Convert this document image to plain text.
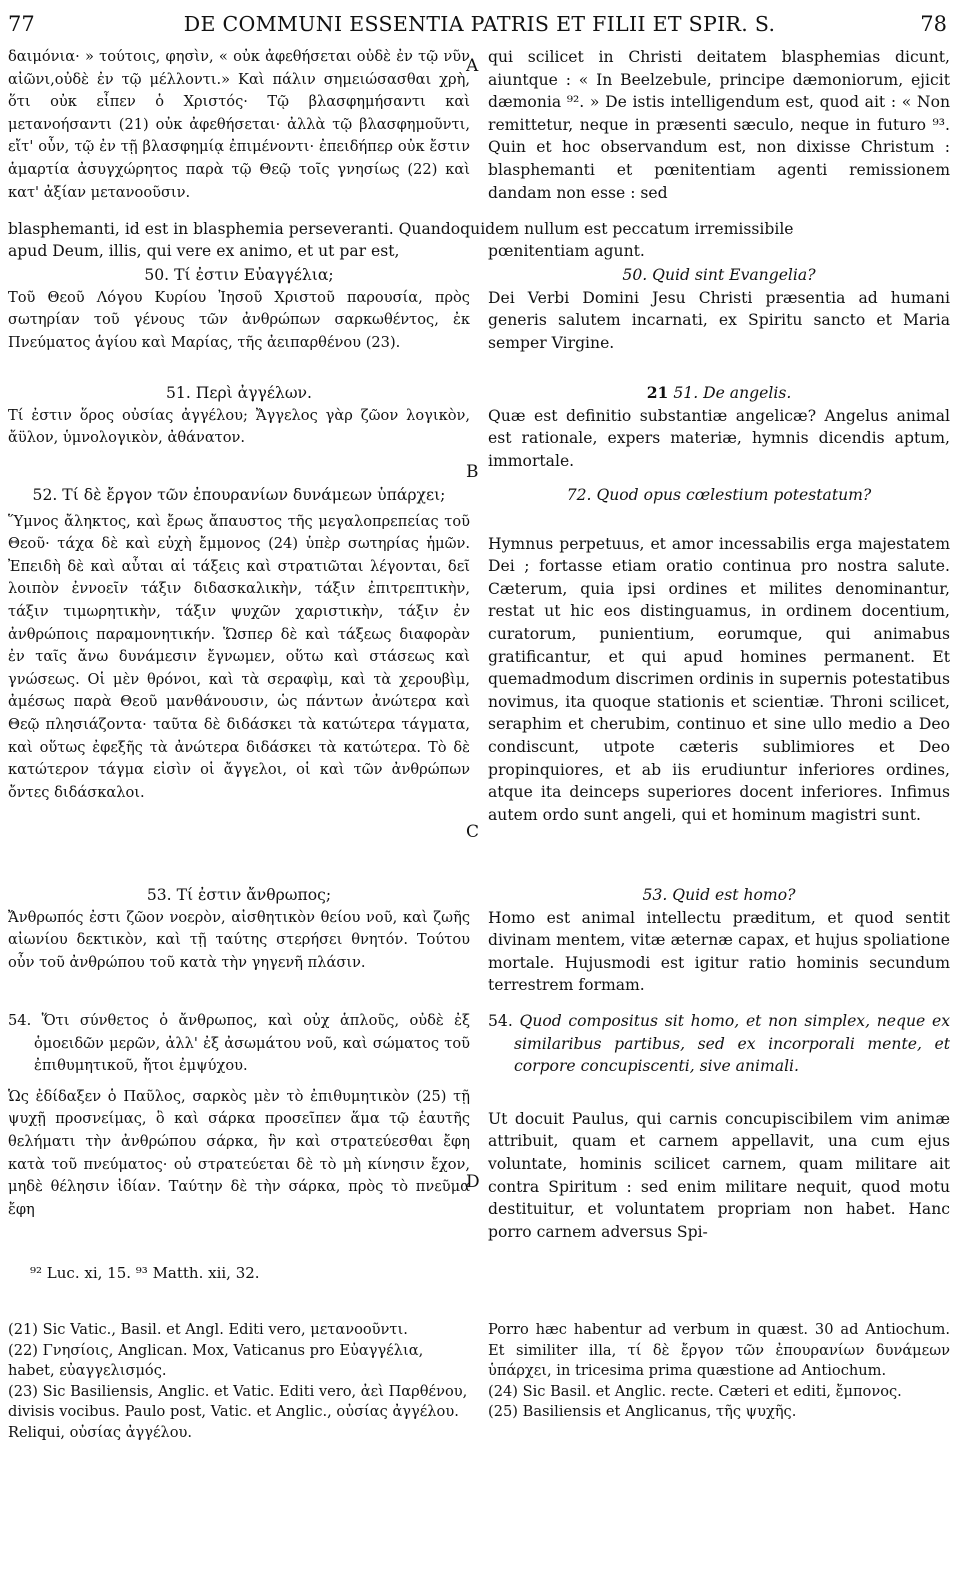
77	DE COMMUNI ESSENTIA PATRIS ET FILII ET SPIR. S.	78
A
B
C
D

δαιμόνια· » τούτοις, φησὶν, « οὐκ ἀφεθήσεται οὐδὲ ἐν τῷ νῦν αἰῶνι,οὐδὲ ἐν τῷ μέλλοντι.» Καὶ πάλιν σημειώσασθαι χρὴ, ὅτι οὐκ εἶπεν ὁ Χριστός· Τῷ βλασφημήσαντι καὶ μετανοήσαντι (21) οὐκ ἀφεθήσεται· ἀλλὰ τῷ βλασφημοῦντι, εἴτ' οὖν, τῷ ἐν τῇ βλασφημίᾳ ἐπιμένοντι· ἐπειδήπερ οὐκ ἔστιν ἁμαρτία ἀσυγχώρητος παρὰ τῷ Θεῷ τοῖς γνησίως (22) καὶ κατ' ἀξίαν μετανοοῦσιν.

qui scilicet in Christi deitatem blasphemias dicunt, aiuntque : « In Beelzebule, principe dæmoniorum, ejicit dæmonia ⁹². » De istis intelligendum est, quod ait : « Non remittetur, neque in præsenti sæculo, neque in futuro ⁹³. Quin et hoc observandum est, non dixisse Christum : blasphemanti et pœnitentiam agenti remissionem dandam non esse : sed

blasphemanti, id est in blasphemia perseveranti. Quandoquidem nullum est peccatum irremissibile
apud Deum, illis, qui vere ex animo, et ut par est,	pœnitentiam agunt.

50. Τί ἐστιν Εὐαγγέλια;

Τοῦ Θεοῦ Λόγου Κυρίου Ἰησοῦ Χριστοῦ παρουσία, πρὸς σωτηρίαν τοῦ γένους τῶν ἀνθρώπων σαρκωθέντος, ἐκ Πνεύματος ἁγίου καὶ Μαρίας, τῆς ἀειπαρθένου (23).

50. Quid sint Evangelia?

Dei Verbi Domini Jesu Christi præsentia ad humani generis salutem incarnati, ex Spiritu sancto et Maria semper Virgine.

51. Περὶ ἀγγέλων.

Τί ἐστιν ὅρος οὐσίας ἀγγέλου; Ἄγγελος γὰρ ζῶον λογικὸν, ἄϋλον, ὑμνολογικὸν, ἀθάνατον.

21 51. De angelis.

Quæ est definitio substantiæ angelicæ? Angelus animal est rationale, expers materiæ, hymnis dicendis aptum, immortale.

52. Τί δὲ ἔργον τῶν ἐπουρανίων δυνάμεων ὑπάρχει;

Ὕμνος ἄληκτος, καὶ ἔρως ἄπαυστος τῆς μεγαλοπρεπείας τοῦ Θεοῦ· τάχα δὲ καὶ εὐχὴ ἔμμονος (24) ὑπὲρ σωτηρίας ἡμῶν. Ἐπειδὴ δὲ καὶ αὗται αἱ τάξεις καὶ στρατιῶται λέγονται, δεῖ λοιπὸν ἐννοεῖν τάξιν διδασκαλικὴν, τάξιν ἐπιτρεπτικὴν, τάξιν τιμωρητικὴν, τάξιν ψυχῶν χαριστικὴν, τάξιν ἐν ἀνθρώποις παραμονητικήν. Ὥσπερ δὲ καὶ τάξεως διαφορὰν ἐν ταῖς ἄνω δυνάμεσιν ἔγνωμεν, οὕτω καὶ στάσεως καὶ γνώσεως. Οἱ μὲν θρόνοι, καὶ τὰ σεραφὶμ, καὶ τὰ χερουβὶμ, ἀμέσως παρὰ Θεοῦ μανθάνουσιν, ὡς πάντων ἀνώτερα καὶ Θεῷ πλησιάζοντα· ταῦτα δὲ διδάσκει τὰ κατώτερα τάγματα, καὶ οὕτως ἐφεξῆς τὰ ἀνώτερα διδάσκει τὰ κατώτερα. Τὸ δὲ κατώτερον τάγμα εἰσὶν οἱ ἄγγελοι, οἱ καὶ τῶν ἀνθρώπων ὄντες διδάσκαλοι.

72. Quod opus cœlestium potestatum?

Hymnus perpetuus, et amor incessabilis erga majestatem Dei ; fortasse etiam oratio continua pro nostra salute. Cæterum, quia ipsi ordines et milites denominantur, restat ut hic eos distinguamus, in ordinem docentium, curatorum, punientium, eorumque, qui animabus gratificantur, et qui apud homines permanent. Et quemadmodum discrimen ordinis in supernis potestatibus novimus, ita quoque stationis et scientiæ. Throni scilicet, seraphim et cherubim, continuo et sine ullo medio a Deo condiscunt, utpote cæteris sublimiores et Deo propinquiores, et ab iis erudiuntur inferiores ordines, atque ita deinceps superiores docent inferiores. Infimus autem ordo sunt angeli, qui et hominum magistri sunt.

53. Τί ἐστιν ἄνθρωπος;

Ἄνθρωπός ἐστι ζῶον νοερὸν, αἰσθητικὸν θείου νοῦ, καὶ ζωῆς αἰωνίου δεκτικὸν, καὶ τῇ ταύτης στερήσει θνητόν. Τούτου οὖν τοῦ ἀνθρώπου τοῦ κατὰ τὴν γηγενῆ πλάσιν.

53. Quid est homo?

Homo est animal intellectu præditum, et quod sentit divinam mentem, vitæ æternæ capax, et hujus spoliatione mortale. Hujusmodi est igitur ratio hominis secundum terrestrem formam.

54. Ὅτι σύνθετος ὁ ἄνθρωπος, καὶ οὐχ ἁπλοῦς, οὐδὲ ἐξ ὁμοειδῶν μερῶν, ἀλλ' ἐξ ἀσωμάτου νοῦ, καὶ σώματος τοῦ ἐπιθυμητικοῦ, ἤτοι ἐμψύχου.

Ὡς ἐδίδαξεν ὁ Παῦλος, σαρκὸς μὲν τὸ ἐπιθυμητικὸν (25) τῇ ψυχῇ προσνείμας, ὃ καὶ σάρκα προσεῖπεν ἅμα τῷ ἑαυτῆς θελήματι τὴν ἀνθρώπου σάρκα, ἣν καὶ στρατεύεσθαι ἔφη κατὰ τοῦ πνεύματος· οὐ στρατεύεται δὲ τὸ μὴ κίνησιν ἔχον, μηδὲ θέλησιν ἰδίαν. Ταύτην δὲ τὴν σάρκα, πρὸς τὸ πνεῦμα ἔφη

54. Quod compositus sit homo, et non simplex, neque ex similaribus partibus, sed ex incorporali mente, et corpore concupiscenti, sive animali.

Ut docuit Paulus, qui carnis concupiscibilem vim animæ attribuit, quam et carnem appellavit, una cum ejus voluntate, hominis scilicet carnem, quam militare ait contra Spiritum : sed enim militare nequit, quod motu destituitur, et voluntatem propriam non habet. Hanc porro carnem adversus Spi-

⁹² Luc. xi, 15. ⁹³ Matth. xii, 32.

(21) Sic Vatic., Basil. et Angl. Editi vero, μετανοοῦντι.

(22) Γνησίοις, Anglican. Mox, Vaticanus pro Εὐαγγέλια, habet, εὐαγγελισμός.

(23) Sic Basiliensis, Anglic. et Vatic. Editi vero, ἀεὶ Παρθένου, divisis vocibus. Paulo post, Vatic. et Anglic., οὐσίας ἀγγέλου. Reliqui, οὐσίας ἀγγέλου.

Porro hæc habentur ad verbum in quæst. 30 ad Antiochum. Et similiter illa, τί δὲ ἔργον τῶν ἐπουρανίων δυνάμεων ὑπάρχει, in tricesima prima quæstione ad Antiochum.

(24) Sic Basil. et Anglic. recte. Cæteri et editi, ἔμπονος.

(25) Basiliensis et Anglicanus, τῆς ψυχῆς.
